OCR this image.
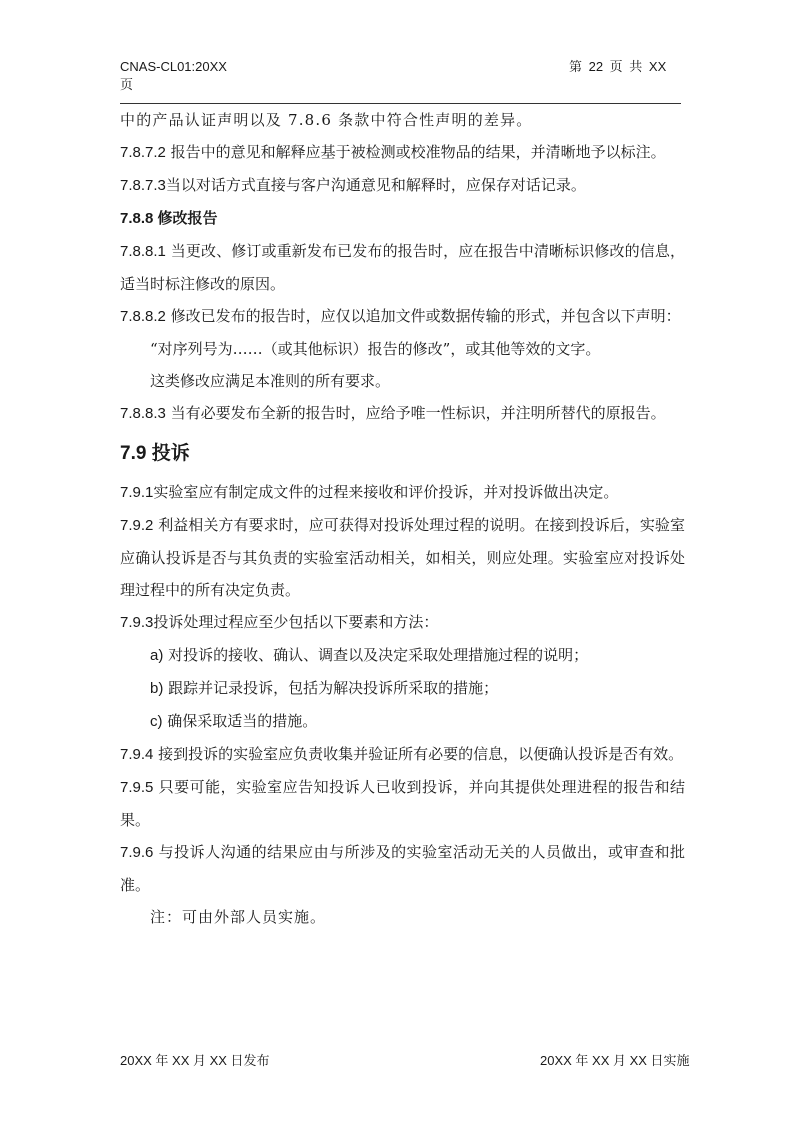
CNAS-CL01:20XX
页
第 22 页 共 XX

中的产品认证声明以及 7.8.6 条款中符合性声明的差异。

7.8.7.2 报告中的意见和解释应基于被检测或校准物品的结果，并清晰地予以标注。

7.8.7.3当以对话方式直接与客户沟通意见和解释时，应保存对话记录。

7.8.8 修改报告

7.8.8.1 当更改、修订或重新发布已发布的报告时，应在报告中清晰标识修改的信息，适当时标注修改的原因。

7.8.8.2 修改已发布的报告时，应仅以追加文件或数据传输的形式，并包含以下声明：

“对序列号为……（或其他标识）报告的修改”，或其他等效的文字。

这类修改应满足本准则的所有要求。

7.8.8.3 当有必要发布全新的报告时，应给予唯一性标识，并注明所替代的原报告。

7.9 投诉

7.9.1实验室应有制定成文件的过程来接收和评价投诉，并对投诉做出决定。

7.9.2 利益相关方有要求时，应可获得对投诉处理过程的说明。在接到投诉后，实验室应确认投诉是否与其负责的实验室活动相关，如相关，则应处理。实验室应对投诉处理过程中的所有决定负责。

7.9.3投诉处理过程应至少包括以下要素和方法：

a) 对投诉的接收、确认、调查以及决定采取处理措施过程的说明；

b) 跟踪并记录投诉，包括为解决投诉所采取的措施；

c) 确保采取适当的措施。

7.9.4 接到投诉的实验室应负责收集并验证所有必要的信息，以便确认投诉是否有效。

7.9.5 只要可能，实验室应告知投诉人已收到投诉，并向其提供处理进程的报告和结果。

7.9.6 与投诉人沟通的结果应由与所涉及的实验室活动无关的人员做出，或审查和批准。

注：可由外部人员实施。

20XX 年 XX 月 XX 日发布	20XX 年 XX 月 XX 日实施
